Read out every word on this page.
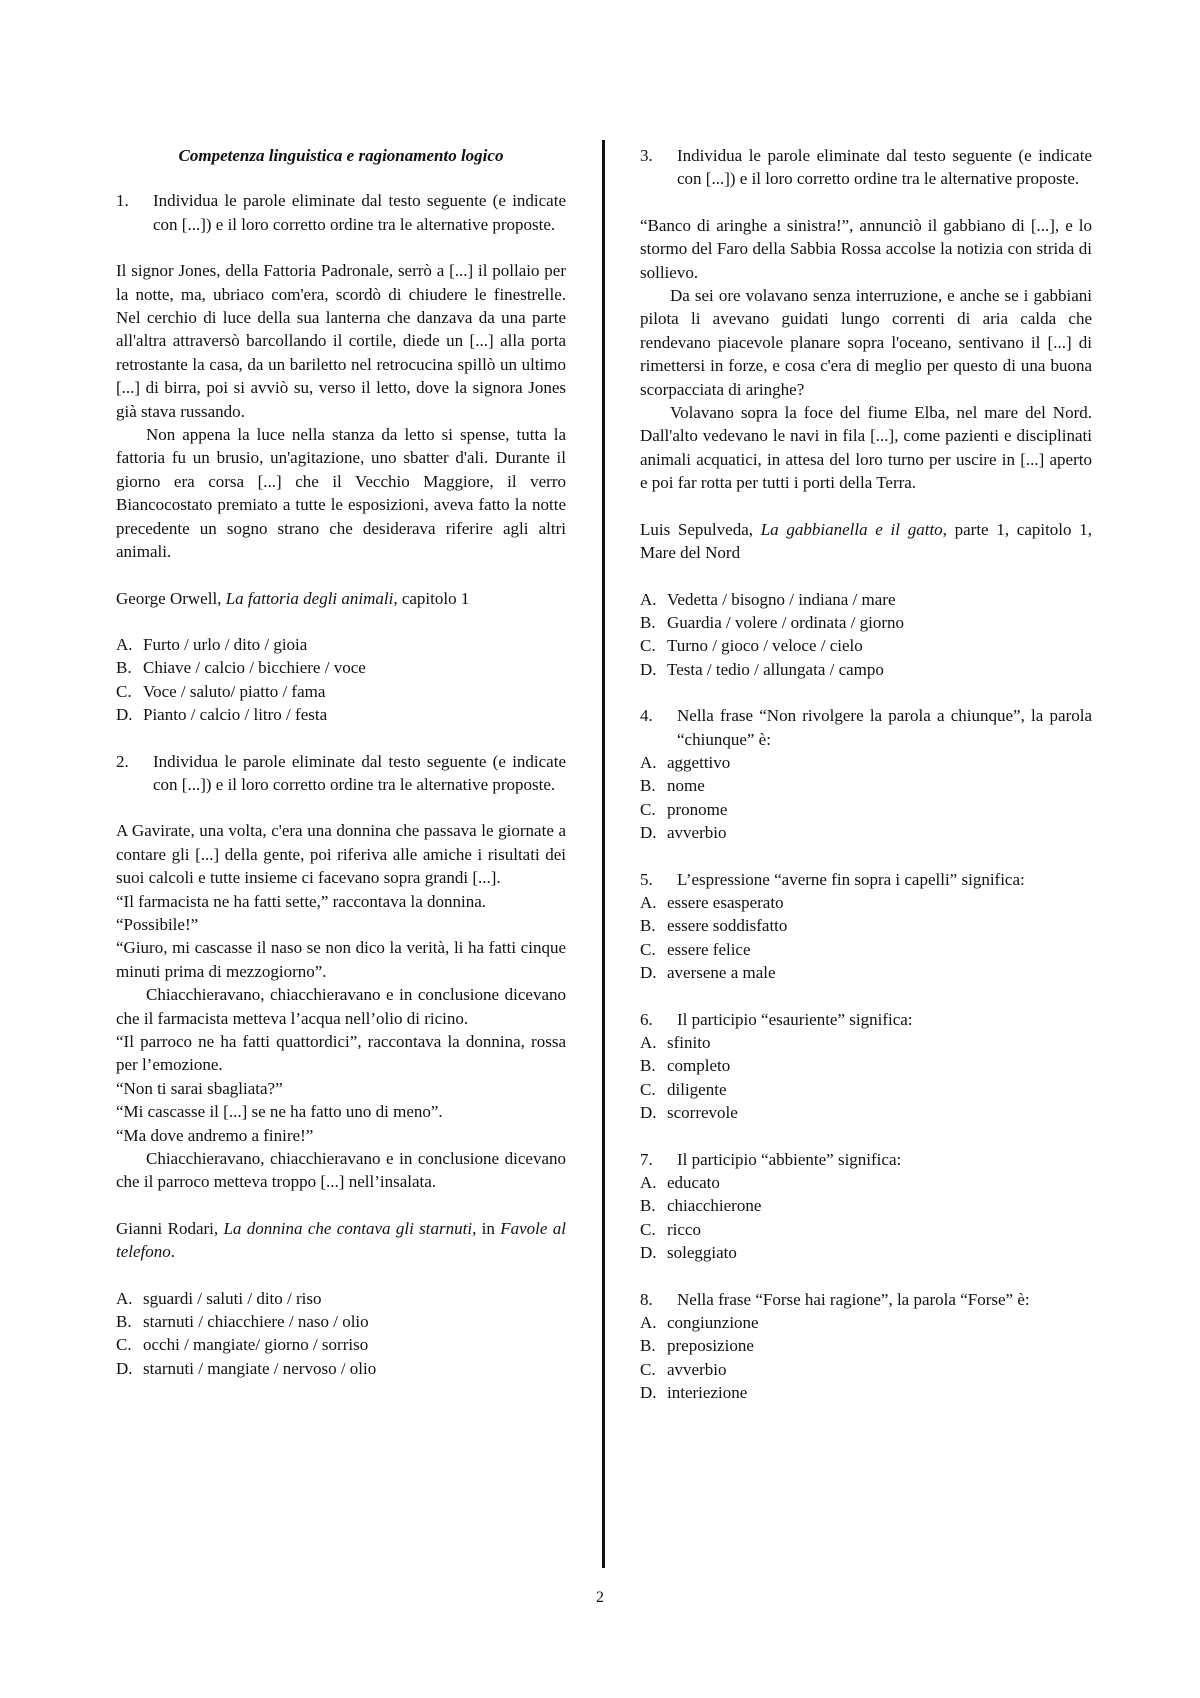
Competenza linguistica e ragionamento logico
1.	Individua le parole eliminate dal testo seguente (e indicate con [...]) e il loro corretto ordine tra le alternative proposte.

Il signor Jones, della Fattoria Padronale, serrò a [...] il pollaio per la notte, ma, ubriaco com'era, scordò di chiudere le finestrelle. Nel cerchio di luce della sua lanterna che danzava da una parte all'altra attraversò barcollando il cortile, diede un [...] alla porta retrostante la casa, da un bariletto nel retrocucina spillò un ultimo [...] di birra, poi si avviò su, verso il letto, dove la signora Jones già stava russando.

Non appena la luce nella stanza da letto si spense, tutta la fattoria fu un brusio, un'agitazione, uno sbatter d'ali. Durante il giorno era corsa [...] che il Vecchio Maggiore, il verro Biancocostato premiato a tutte le esposizioni, aveva fatto la notte precedente un sogno strano che desiderava riferire agli altri animali.

George Orwell, La fattoria degli animali, capitolo 1
A. Furto / urlo / dito / gioia
B. Chiave / calcio / bicchiere / voce
C. Voce / saluto/ piatto / fama
D. Pianto / calcio / litro / festa
2.	Individua le parole eliminate dal testo seguente (e indicate con [...]) e il loro corretto ordine tra le alternative proposte.

A Gavirate, una volta, c'era una donnina che passava le giornate a contare gli [...] della gente, poi riferiva alle amiche i risultati dei suoi calcoli e tutte insieme ci facevano sopra grandi [...].

“Il farmacista ne ha fatti sette,” raccontava la donnina.

“Possibile!”

“Giuro, mi cascasse il naso se non dico la verità, li ha fatti cinque minuti prima di mezzogiorno”.

Chiacchieravano, chiacchieravano e in conclusione dicevano che il farmacista metteva l’acqua nell’olio di ricino.

“Il parroco ne ha fatti quattordici”, raccontava la donnina, rossa per l’emozione.

“Non ti sarai sbagliata?”

“Mi cascasse il [...] se ne ha fatto uno di meno”.

“Ma dove andremo a finire!”

Chiacchieravano, chiacchieravano e in conclusione dicevano che il parroco metteva troppo [...] nell’insalata.

Gianni Rodari, La donnina che contava gli starnuti, in Favole al telefono.
A. sguardi / saluti / dito / riso
B. starnuti / chiacchiere / naso / olio
C. occhi / mangiate/ giorno / sorriso
D. starnuti / mangiate / nervoso / olio
3.	Individua le parole eliminate dal testo seguente (e indicate con [...]) e il loro corretto ordine tra le alternative proposte.

“Banco di aringhe a sinistra!”, annunciò il gabbiano di [...], e lo stormo del Faro della Sabbia Rossa accolse la notizia con strida di sollievo.

Da sei ore volavano senza interruzione, e anche se i gabbiani pilota li avevano guidati lungo correnti di aria calda che rendevano piacevole planare sopra l'oceano, sentivano il [...] di rimettersi in forze, e cosa c'era di meglio per questo di una buona scorpacciata di aringhe?

Volavano sopra la foce del fiume Elba, nel mare del Nord. Dall'alto vedevano le navi in fila [...], come pazienti e disciplinati animali acquatici, in attesa del loro turno per uscire in [...] aperto e poi far rotta per tutti i porti della Terra.

Luis Sepulveda, La gabbianella e il gatto, parte 1, capitolo 1, Mare del Nord
A. Vedetta / bisogno / indiana / mare
B. Guardia / volere / ordinata / giorno
C. Turno / gioco / veloce / cielo
D. Testa / tedio / allungata / campo
4.	Nella frase “Non rivolgere la parola a chiunque”, la parola “chiunque” è:
A. aggettivo
B. nome
C. pronome
D. avverbio
5.	L’espressione “averne fin sopra i capelli” significa:
A. essere esasperato
B. essere soddisfatto
C. essere felice
D. aversene a male
6.	Il participio “esauriente” significa:
A. sfinito
B. completo
C. diligente
D. scorrevole
7.	Il participio “abbiente” significa:
A. educato
B. chiacchierone
C. ricco
D. soleggiato
8.	Nella frase “Forse hai ragione”, la parola “Forse” è:
A. congiunzione
B. preposizione
C. avverbio
D. interiezione
2
